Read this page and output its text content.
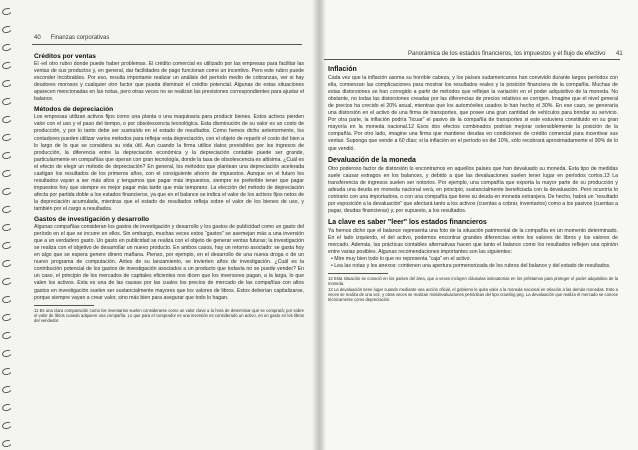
40 Finanzas corporativas
Créditos por ventas

El «el otro rubro donde puede haber problemas. El crédito comercial es utilizado por las empresas para facilitar las ventas de sus productos y, en general, dar facilidades de pago funcionan como un incentivo. Pero este rubro puede esconder incobrables. Por eso, resulta importante realizar un análisis del período medio de cobranzas, ver si hay deudores morosos y cualquier otro factor que pueda disminuir el crédito potencial. Algunas de estas situaciones aparecen mencionadas en las notas, pero otras veces no se realizan las previsiones correspondientes para ajustar el balance.

Métodos de depreciación

Los empresas utilizan activos fijos como una planta o una maquinaria para producir bienes. Estos activos pierden valor con el uso y el paso del tiempo, o por obsolescencia tecnológica. Esta disminución de su valor es un costo de producción, y por lo tanto debe ser sustraído en el estado de resultados. Como hemos dicho anteriormente, los contadores pueden utilizar varios métodos para reflejar esta depreciación, con el objeto de repartir el costo del bien a lo largo de lo que se considera su vida útil. Aun cuando la firma utilice datos previsibles por los ingresos de producción, la diferencia entre la depreciación económica y la depreciación contable puede ser grande, particularmente en compañías que operan con gran tecnología, donde la tasa de obsolescencia es altísima. ¿Cuál es el efecto de elegir un método de depreciación? En general, los métodos que plantean una depreciación acelerada castigan los resultados de los primeros años, con el consiguiente ahorro de impuestos. Aunque en el futuro los resultados vayan a ser más altos y tengamos que pagar más impuestos, siempre es preferible tener que pagar impuestos hoy que siempre es mejor pagar más tarde que más temprano. La elección del método de depreciación afecta por partida doble a los estados financieros, ya que en el balance se indica el valor de los activos fijos netos de la depreciación acumulada, mientras que el estado de resultados refleja sobre el valor de los bienes de uso, y también por el cargo a resultados.

Gastos de investigación y desarrollo

Algunas compañías consideran los gastos de investigación y desarrollo y los gastos de publicidad como un gasto del período en el que se incurre en ellos. Sin embargo, muchas veces estos “gastos” se asemejan más a una inversión que a un verdadero gasto. Un gasto en publicidad se realiza con el objeto de generar ventas futuras; la investigación se realiza con el objetivo de desarrollar un nuevo producto. En ambos casos, hay un retorno asociado: se gasta hoy en algo que se espera genere dinero mañana. Pienso, por ejemplo, en el desarrollo de una nueva droga o de un nuevo programa de computación. Antes de su lanzamiento, se invierten años de investigación. ¿Cuál es la contribución potencial de los gastos de investigación asociados a un producto que todavía no se puede vender? En un caso, el principio de los mercados de capitales eficientes nos dicen que los inversores pagan, a la larga, lo que valen los activos. Esta es una de las causas por las cuales los precios de mercado de las compañías con altos gastos en investigación suelen ser sustancialmente mayores que los valores de libros. Estos deberían capitalizarse, porque siempre vayan a crear valor, sino más bien para asegurar que todo lo hagan.

11 Es una clara comparación como los inventarios suelen considerarse como un valor clave a la hora de determinar qué se comprará; por sobre el valor de libros cuando adquiere una compañía. Lo que para el comprador es una inversión es considerado un activo, en un gasto en los libros del vendedor.

Panorámica de los estados financieros, los impuestos y el flujo de efectivo 41
Inflación

Cada vez que la inflación asoma su horrible cabeza, y los países sudamericanos han convivido durante largos períodos con ella, comienzan las complicaciones para mostrar los resultados reales y la posición financiera de la compañía. Muchas de estas distorsiones se han corregido a partir de métodos que reflejan la variación en el poder adquisitivo de la moneda. No obstante, no todas las distorsiones creadas por las diferencias de precios relativos se corrigen. Imagine que el nivel general de precios ha crecido el 20% anual, mientras que los automóviles usados lo han hecho el 30%. En ese caso, se generaría una distorsión en el activo de una firma de transportes, que posee una gran cantidad de vehículos para brindar su servicio. Por otra parte, la inflación podría “licuar” el pasivo de la compañía de transportes si este estuviera constituido en su gran mayoría en la moneda nacional.12 Esos dos efectos combinados podrían mejorar ostensiblemente la posición de la compañía. Por otro lado, imagine una firma que mantiene deudas en condiciones de crédito comercial para incentivar sus ventas. Suponga que vende a 60 días; si la inflación en el período es del 10%, sólo recobrará aproximadamente el 90% de lo que vendió.

Devaluación de la moneda

Otro poderoso factor de distorsión lo encontramos en aquellos países que han devaluado su moneda. Esta tipo de medidas suele causar estragos en los balances, y debido a que las devaluaciones suelen tener lugar en períodos cortos.13 La transferencia de ingresos suelen ser notorios. Por ejemplo, una compañía que exporta la mayor parte de su producción y adeuda una deuda en moneda nacional verá, en principio, sustancialmente beneficiada con la devaluación. Pero ocurriría lo contrario con una importadora, o con una compañía que tiene su deuda en moneda extranjera. De hecho, habrá un “resultado por exposición a la devaluación” que afectará tanto a los activos (cuentas a cobrar, inventarios) como a los pasivos (cuentas a pagar, deudas financieras) y, por supuesto, a los resultados.

La clave es saber "leer" los estados financieros

Ya hemos dicho que el balance representa una foto de la situación patrimonial de la compañía en un momento determinado. En el lado izquierdo, el del activo, podemos encontrar grandes diferencias entre los valores de libros y los valores de mercado. Además, las prácticas contables alternativas hacen que tanto el balance como los resultados reflejen una opinión entre varias posibles. Algunas recomendaciones importantes son las siguientes:

• Mire muy bien todo lo que no representa “caja” en el activo.

• Lea las notas y los anexos: contienen una apertura pormenorizada de los rubros del balance y del estado de resultados.

12 Esta situación se conoció en los países del área, que a veces incluyen cláusulas indexatorias en los préstamos para proteger el poder adquisitivo de la moneda.

13 La devaluación tiene lugar cuando mediante una acción oficial, el gobierno le quita valor a la moneda nacional en relación a las demás monedas. Esto a veces se realiza de una vez, y otras veces se realizan minidevaluaciones periódicas del tipo crawling peg. La devaluación que realiza el mercado se conoce técnicamente como depreciación.
